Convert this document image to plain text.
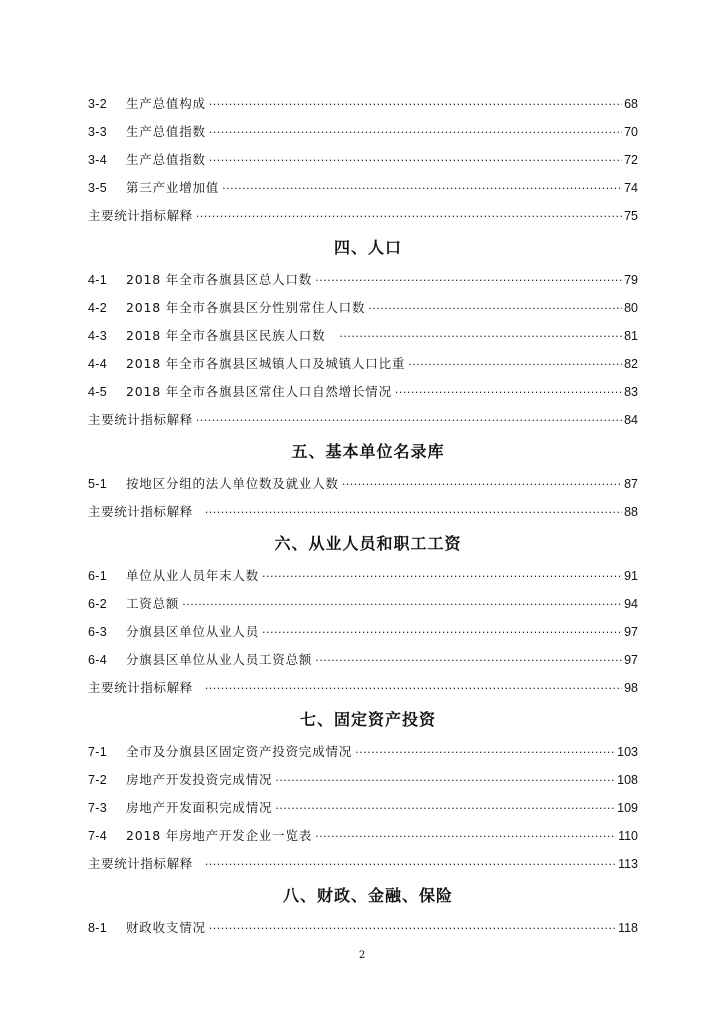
3-2	生产总值构成 ·····	68
3-3	生产总值指数 ·····	70
3-4	生产总值指数 ·····	72
3-5	第三产业增加值 ·····	74
主要统计指标解释 ·····	75
四、人口
4-1	2018 年全市各旗县区总人口数 ·····	79
4-2	2018 年全市各旗县区分性别常住人口数 ·····	80
4-3	2018 年全市各旗县区民族人口数 ·····	81
4-4	2018 年全市各旗县区城镇人口及城镇人口比重 ·····	82
4-5	2018 年全市各旗县区常住人口自然增长情况 ·····	83
主要统计指标解释 ·····	84
五、基本单位名录库
5-1	按地区分组的法人单位数及就业人数 ·····	87
主要统计指标解释 ·····	88
六、从业人员和职工工资
6-1	单位从业人员年末人数 ·····	91
6-2	工资总额 ·····	94
6-3	分旗县区单位从业人员 ·····	97
6-4	分旗县区单位从业人员工资总额 ·····	97
主要统计指标解释 ·····	98
七、固定资产投资
7-1	全市及分旗县区固定资产投资完成情况 ·····	103
7-2	房地产开发投资完成情况 ·····	108
7-3	房地产开发面积完成情况 ·····	109
7-4	2018 年房地产开发企业一览表 ·····	110
主要统计指标解释 ·····	113
八、财政、金融、保险
8-1	财政收支情况 ·····	118
2
